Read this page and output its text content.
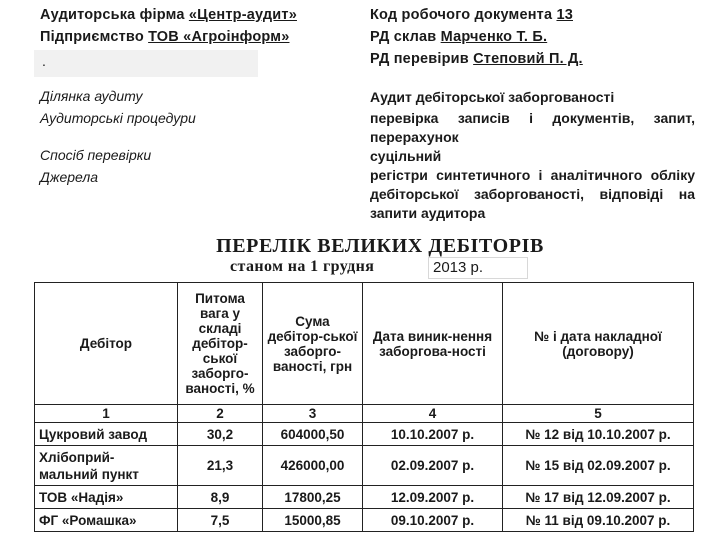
Аудиторська фірма «Центр-аудит»
Підприємство ТОВ «Агроінформ»
.
Код робочого документа 13
РД склав Марченко Т. Б.
РД перевірив Степовий П. Д.
Ділянка аудиту	Аудит дебіторської заборгованості
Аудиторські процедури	перевірка записів і документів, запит, перерахунок
Спосіб перевірки	суцільний
Джерела	регістри синтетичного і аналітичного обліку дебіторської заборгованості, відповіді на запити аудитора
ПЕРЕЛІК ВЕЛИКИХ ДЕБІТОРІВ
станом на 1 грудня	2013 р.
Дебітор	Питома вага у складі дебітор-ської заборго-ваності, %	Сума дебітор-ської заборго-ваності, грн	Дата виник-нення заборгова-ності	№ і дата накладної (договору)
1	2	3	4	5
Цукровий завод	30,2	604000,50	10.10.2007 р.	№ 12 від 10.10.2007 р.
Хлібоприй-мальний пункт	21,3	426000,00	02.09.2007 р.	№ 15 від 02.09.2007 р.
ТОВ «Надія»	8,9	17800,25	12.09.2007 р.	№ 17 від 12.09.2007 р.
ФГ «Ромашка»	7,5	15000,85	09.10.2007 р.	№ 11 від 09.10.2007 р.
